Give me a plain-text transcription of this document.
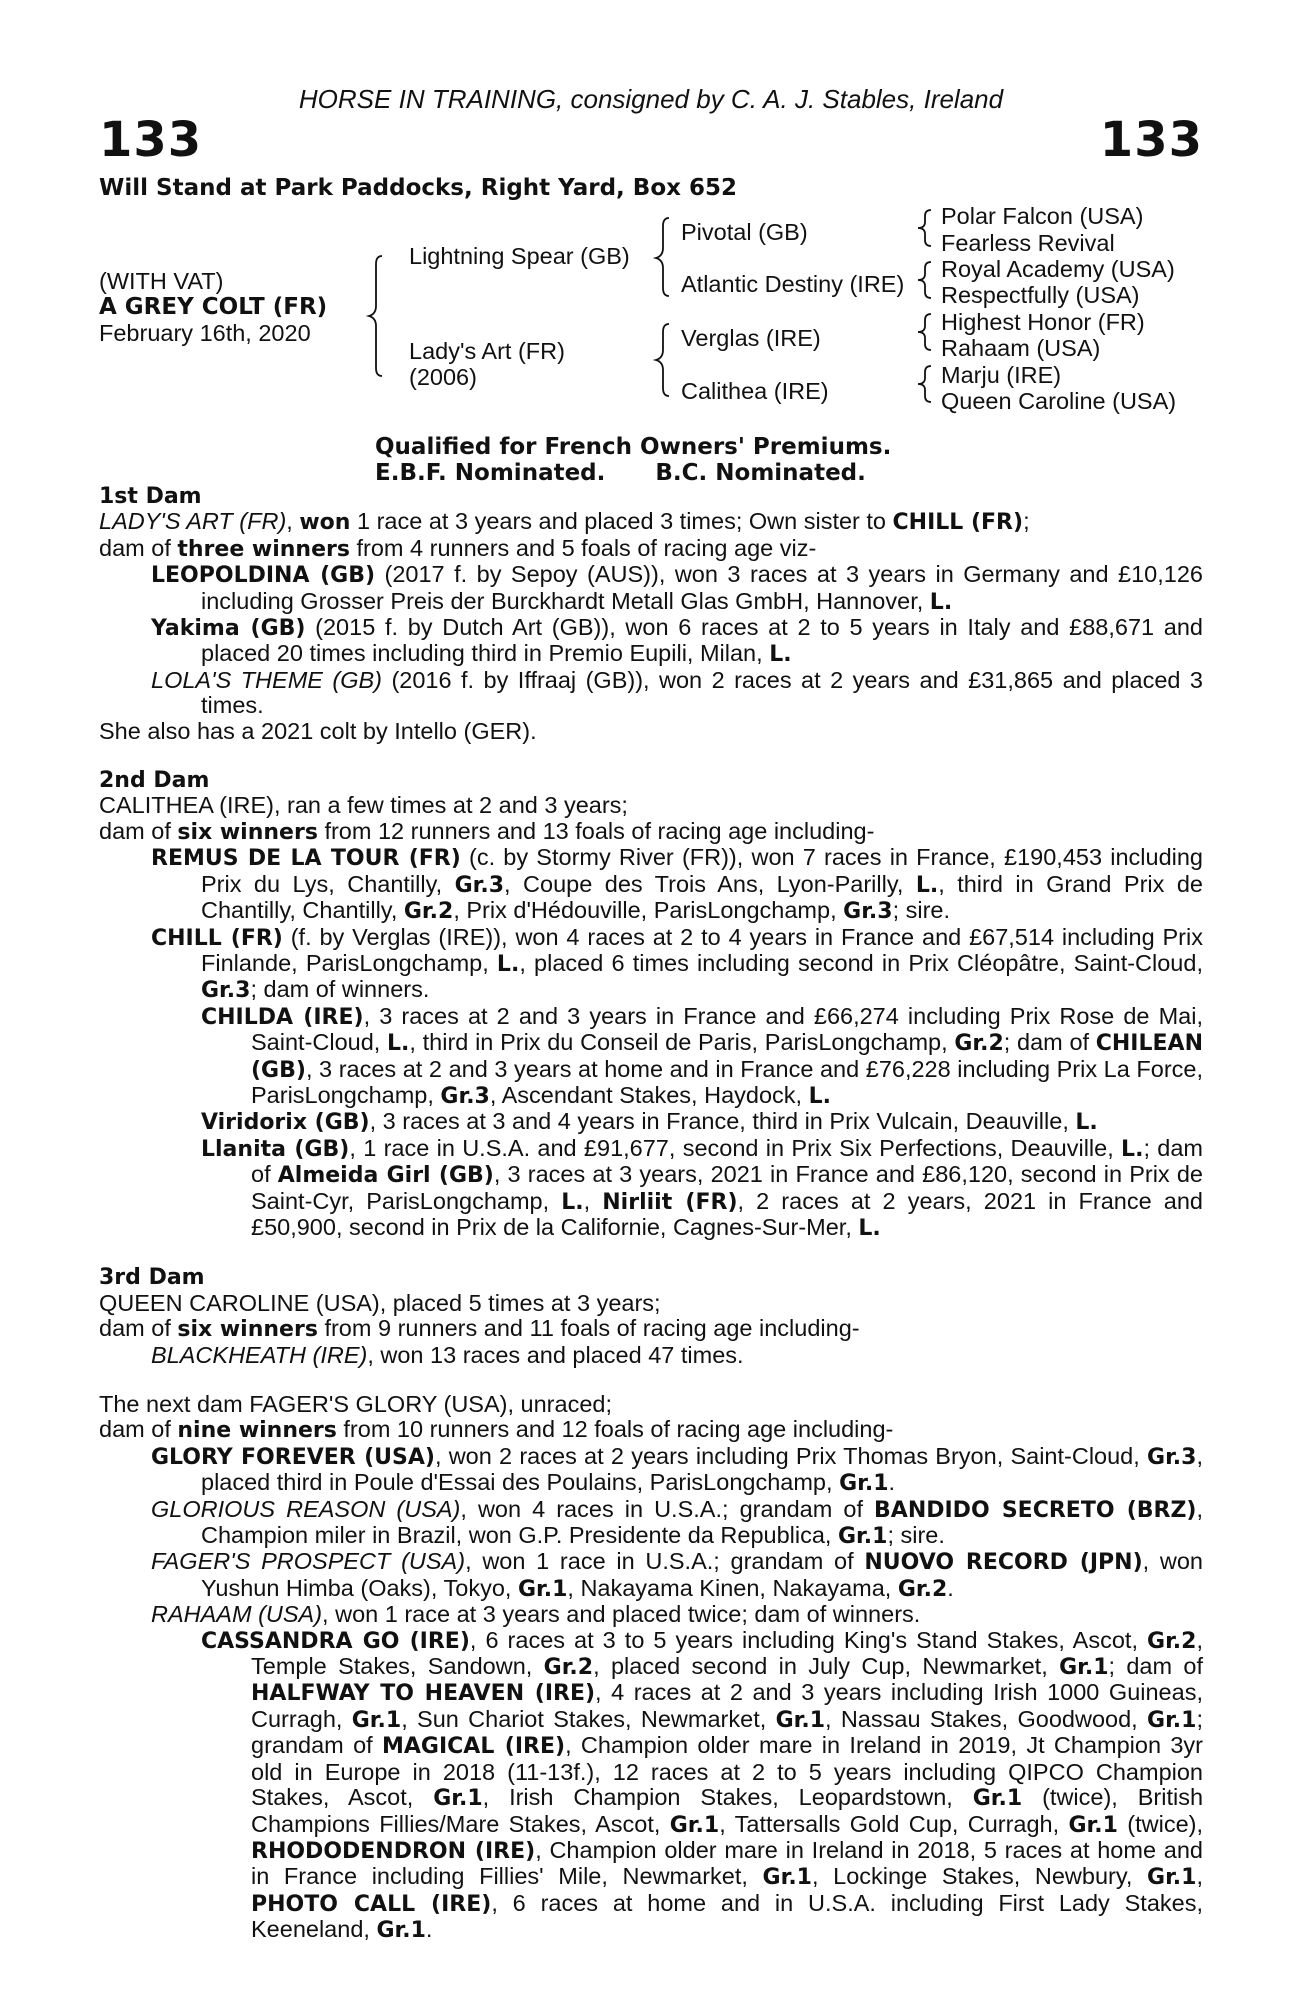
HORSE IN TRAINING, consigned by C. A. J. Stables, Ireland
133	133
Will Stand at Park Paddocks, Right Yard, Box 652
(WITH VAT)
A GREY COLT (FR)
February 16th, 2020
Lightning Spear (GB)
Lady's Art (FR)
(2006)
Pivotal (GB)
Atlantic Destiny (IRE)
Verglas (IRE)
Calithea (IRE)
Polar Falcon (USA)
Fearless Revival
Royal Academy (USA)
Respectfully (USA)
Highest Honor (FR)
Rahaam (USA)
Marju (IRE)
Queen Caroline (USA)
Qualified for French Owners' Premiums.
E.B.F. Nominated. B.C. Nominated.
1st Dam

LADY'S ART (FR), won 1 race at 3 years and placed 3 times; Own sister to CHILL (FR);

dam of three winners from 4 runners and 5 foals of racing age viz-

LEOPOLDINA (GB) (2017 f. by Sepoy (AUS)), won 3 races at 3 years in Germany and £10,126 including Grosser Preis der Burckhardt Metall Glas GmbH, Hannover, L.

Yakima (GB) (2015 f. by Dutch Art (GB)), won 6 races at 2 to 5 years in Italy and £88,671 and placed 20 times including third in Premio Eupili, Milan, L.

LOLA'S THEME (GB) (2016 f. by Iffraaj (GB)), won 2 races at 2 years and £31,865 and placed 3 times.

She also has a 2021 colt by Intello (GER).

2nd Dam

CALITHEA (IRE), ran a few times at 2 and 3 years;

dam of six winners from 12 runners and 13 foals of racing age including-

REMUS DE LA TOUR (FR) (c. by Stormy River (FR)), won 7 races in France, £190,453 including Prix du Lys, Chantilly, Gr.3, Coupe des Trois Ans, Lyon-Parilly, L., third in Grand Prix de Chantilly, Chantilly, Gr.2, Prix d'Hédouville, ParisLongchamp, Gr.3; sire.

CHILL (FR) (f. by Verglas (IRE)), won 4 races at 2 to 4 years in France and £67,514 including Prix Finlande, ParisLongchamp, L., placed 6 times including second in Prix Cléopâtre, Saint-Cloud, Gr.3; dam of winners.

CHILDA (IRE), 3 races at 2 and 3 years in France and £66,274 including Prix Rose de Mai, Saint-Cloud, L., third in Prix du Conseil de Paris, ParisLongchamp, Gr.2; dam of CHILEAN (GB), 3 races at 2 and 3 years at home and in France and £76,228 including Prix La Force, ParisLongchamp, Gr.3, Ascendant Stakes, Haydock, L.

Viridorix (GB), 3 races at 3 and 4 years in France, third in Prix Vulcain, Deauville, L.

Llanita (GB), 1 race in U.S.A. and £91,677, second in Prix Six Perfections, Deauville, L.; dam of Almeida Girl (GB), 3 races at 3 years, 2021 in France and £86,120, second in Prix de Saint-Cyr, ParisLongchamp, L., Nirliit (FR), 2 races at 2 years, 2021 in France and £50,900, second in Prix de la Californie, Cagnes-Sur-Mer, L.

3rd Dam

QUEEN CAROLINE (USA), placed 5 times at 3 years;

dam of six winners from 9 runners and 11 foals of racing age including-

BLACKHEATH (IRE), won 13 races and placed 47 times.

The next dam FAGER'S GLORY (USA), unraced;

dam of nine winners from 10 runners and 12 foals of racing age including-

GLORY FOREVER (USA), won 2 races at 2 years including Prix Thomas Bryon, Saint-Cloud, Gr.3, placed third in Poule d'Essai des Poulains, ParisLongchamp, Gr.1.

GLORIOUS REASON (USA), won 4 races in U.S.A.; grandam of BANDIDO SECRETO (BRZ), Champion miler in Brazil, won G.P. Presidente da Republica, Gr.1; sire.

FAGER'S PROSPECT (USA), won 1 race in U.S.A.; grandam of NUOVO RECORD (JPN), won Yushun Himba (Oaks), Tokyo, Gr.1, Nakayama Kinen, Nakayama, Gr.2.

RAHAAM (USA), won 1 race at 3 years and placed twice; dam of winners.

CASSANDRA GO (IRE), 6 races at 3 to 5 years including King's Stand Stakes, Ascot, Gr.2, Temple Stakes, Sandown, Gr.2, placed second in July Cup, Newmarket, Gr.1; dam of HALFWAY TO HEAVEN (IRE), 4 races at 2 and 3 years including Irish 1000 Guineas, Curragh, Gr.1, Sun Chariot Stakes, Newmarket, Gr.1, Nassau Stakes, Goodwood, Gr.1; grandam of MAGICAL (IRE), Champion older mare in Ireland in 2019, Jt Champion 3yr old in Europe in 2018 (11-13f.), 12 races at 2 to 5 years including QIPCO Champion Stakes, Ascot, Gr.1, Irish Champion Stakes, Leopardstown, Gr.1 (twice), British Champions Fillies/Mare Stakes, Ascot, Gr.1, Tattersalls Gold Cup, Curragh, Gr.1 (twice), RHODODENDRON (IRE), Champion older mare in Ireland in 2018, 5 races at home and in France including Fillies' Mile, Newmarket, Gr.1, Lockinge Stakes, Newbury, Gr.1, PHOTO CALL (IRE), 6 races at home and in U.S.A. including First Lady Stakes, Keeneland, Gr.1.
